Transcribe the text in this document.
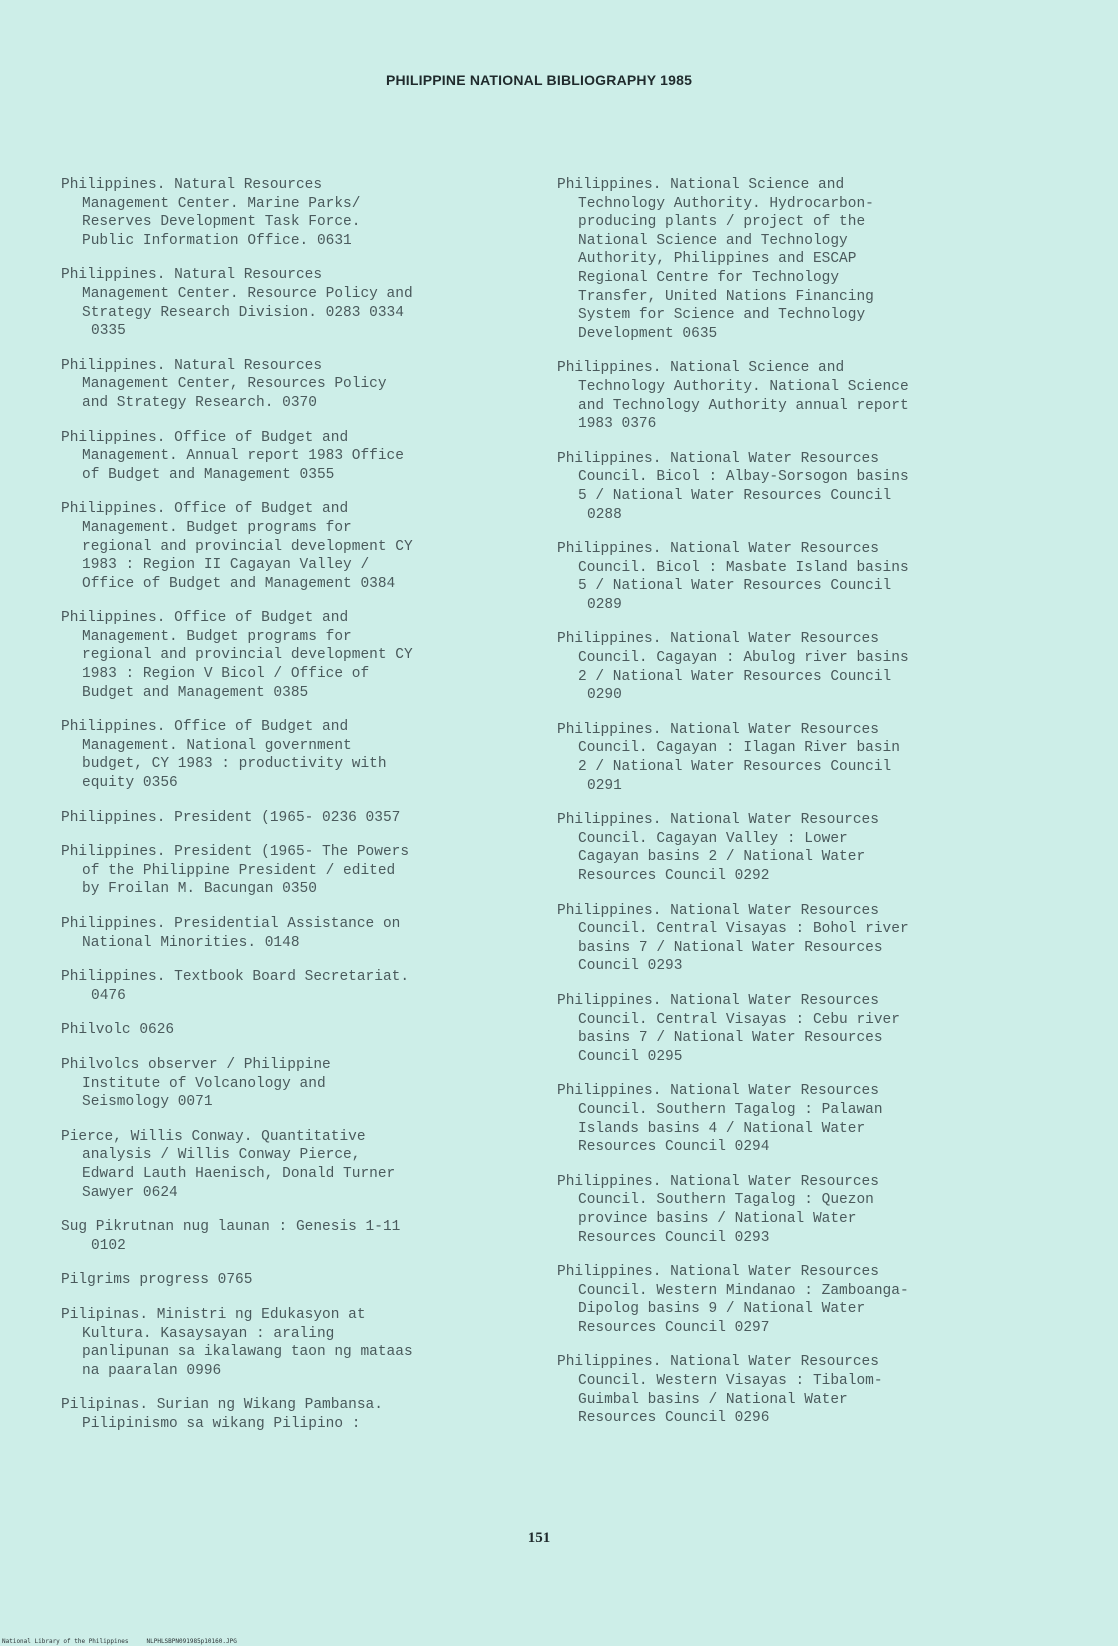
PHILIPPINE NATIONAL BIBLIOGRAPHY 1985
Philippines. Natural Resources
Management Center. Marine Parks/
Reserves Development Task Force.
Public Information Office. 0631
Philippines. Natural Resources
Management Center. Resource Policy and
Strategy Research Division. 0283 0334
0335
Philippines. Natural Resources
Management Center, Resources Policy
and Strategy Research. 0370
Philippines. Office of Budget and
Management. Annual report 1983 Office
of Budget and Management 0355
Philippines. Office of Budget and
Management. Budget programs for
regional and provincial development CY
1983 : Region II Cagayan Valley /
Office of Budget and Management 0384
Philippines. Office of Budget and
Management. Budget programs for
regional and provincial development CY
1983 : Region V Bicol / Office of
Budget and Management 0385
Philippines. Office of Budget and
Management. National government
budget, CY 1983 : productivity with
equity 0356
Philippines. President (1965- 0236 0357
Philippines. President (1965- The Powers
of the Philippine President / edited
by Froilan M. Bacungan 0350
Philippines. Presidential Assistance on
National Minorities. 0148
Philippines. Textbook Board Secretariat.
0476
Philvolc 0626
Philvolcs observer / Philippine
Institute of Volcanology and
Seismology 0071
Pierce, Willis Conway. Quantitative
analysis / Willis Conway Pierce,
Edward Lauth Haenisch, Donald Turner
Sawyer 0624
Sug Pikrutnan nug launan : Genesis 1-11
0102
Pilgrims progress 0765
Pilipinas. Ministri ng Edukasyon at
Kultura. Kasaysayan : araling
panlipunan sa ikalawang taon ng mataas
na paaralan 0996
Pilipinas. Surian ng Wikang Pambansa.
Pilipinismo sa wikang Pilipino :
Philippines. National Science and
Technology Authority. Hydrocarbon-
producing plants / project of the
National Science and Technology
Authority, Philippines and ESCAP
Regional Centre for Technology
Transfer, United Nations Financing
System for Science and Technology
Development 0635
Philippines. National Science and
Technology Authority. National Science
and Technology Authority annual report
1983 0376
Philippines. National Water Resources
Council. Bicol : Albay-Sorsogon basins
5 / National Water Resources Council
0288
Philippines. National Water Resources
Council. Bicol : Masbate Island basins
5 / National Water Resources Council
0289
Philippines. National Water Resources
Council. Cagayan : Abulog river basins
2 / National Water Resources Council
0290
Philippines. National Water Resources
Council. Cagayan : Ilagan River basin
2 / National Water Resources Council
0291
Philippines. National Water Resources
Council. Cagayan Valley : Lower
Cagayan basins 2 / National Water
Resources Council 0292
Philippines. National Water Resources
Council. Central Visayas : Bohol river
basins 7 / National Water Resources
Council 0293
Philippines. National Water Resources
Council. Central Visayas : Cebu river
basins 7 / National Water Resources
Council 0295
Philippines. National Water Resources
Council. Southern Tagalog : Palawan
Islands basins 4 / National Water
Resources Council 0294
Philippines. National Water Resources
Council. Southern Tagalog : Quezon
province basins / National Water
Resources Council 0293
Philippines. National Water Resources
Council. Western Mindanao : Zamboanga-
Dipolog basins 9 / National Water
Resources Council 0297
Philippines. National Water Resources
Council. Western Visayas : Tibalom-
Guimbal basins / National Water
Resources Council 0296
151
National Library of the Philippines     NLPHLSBPN091985p10160.JPG
